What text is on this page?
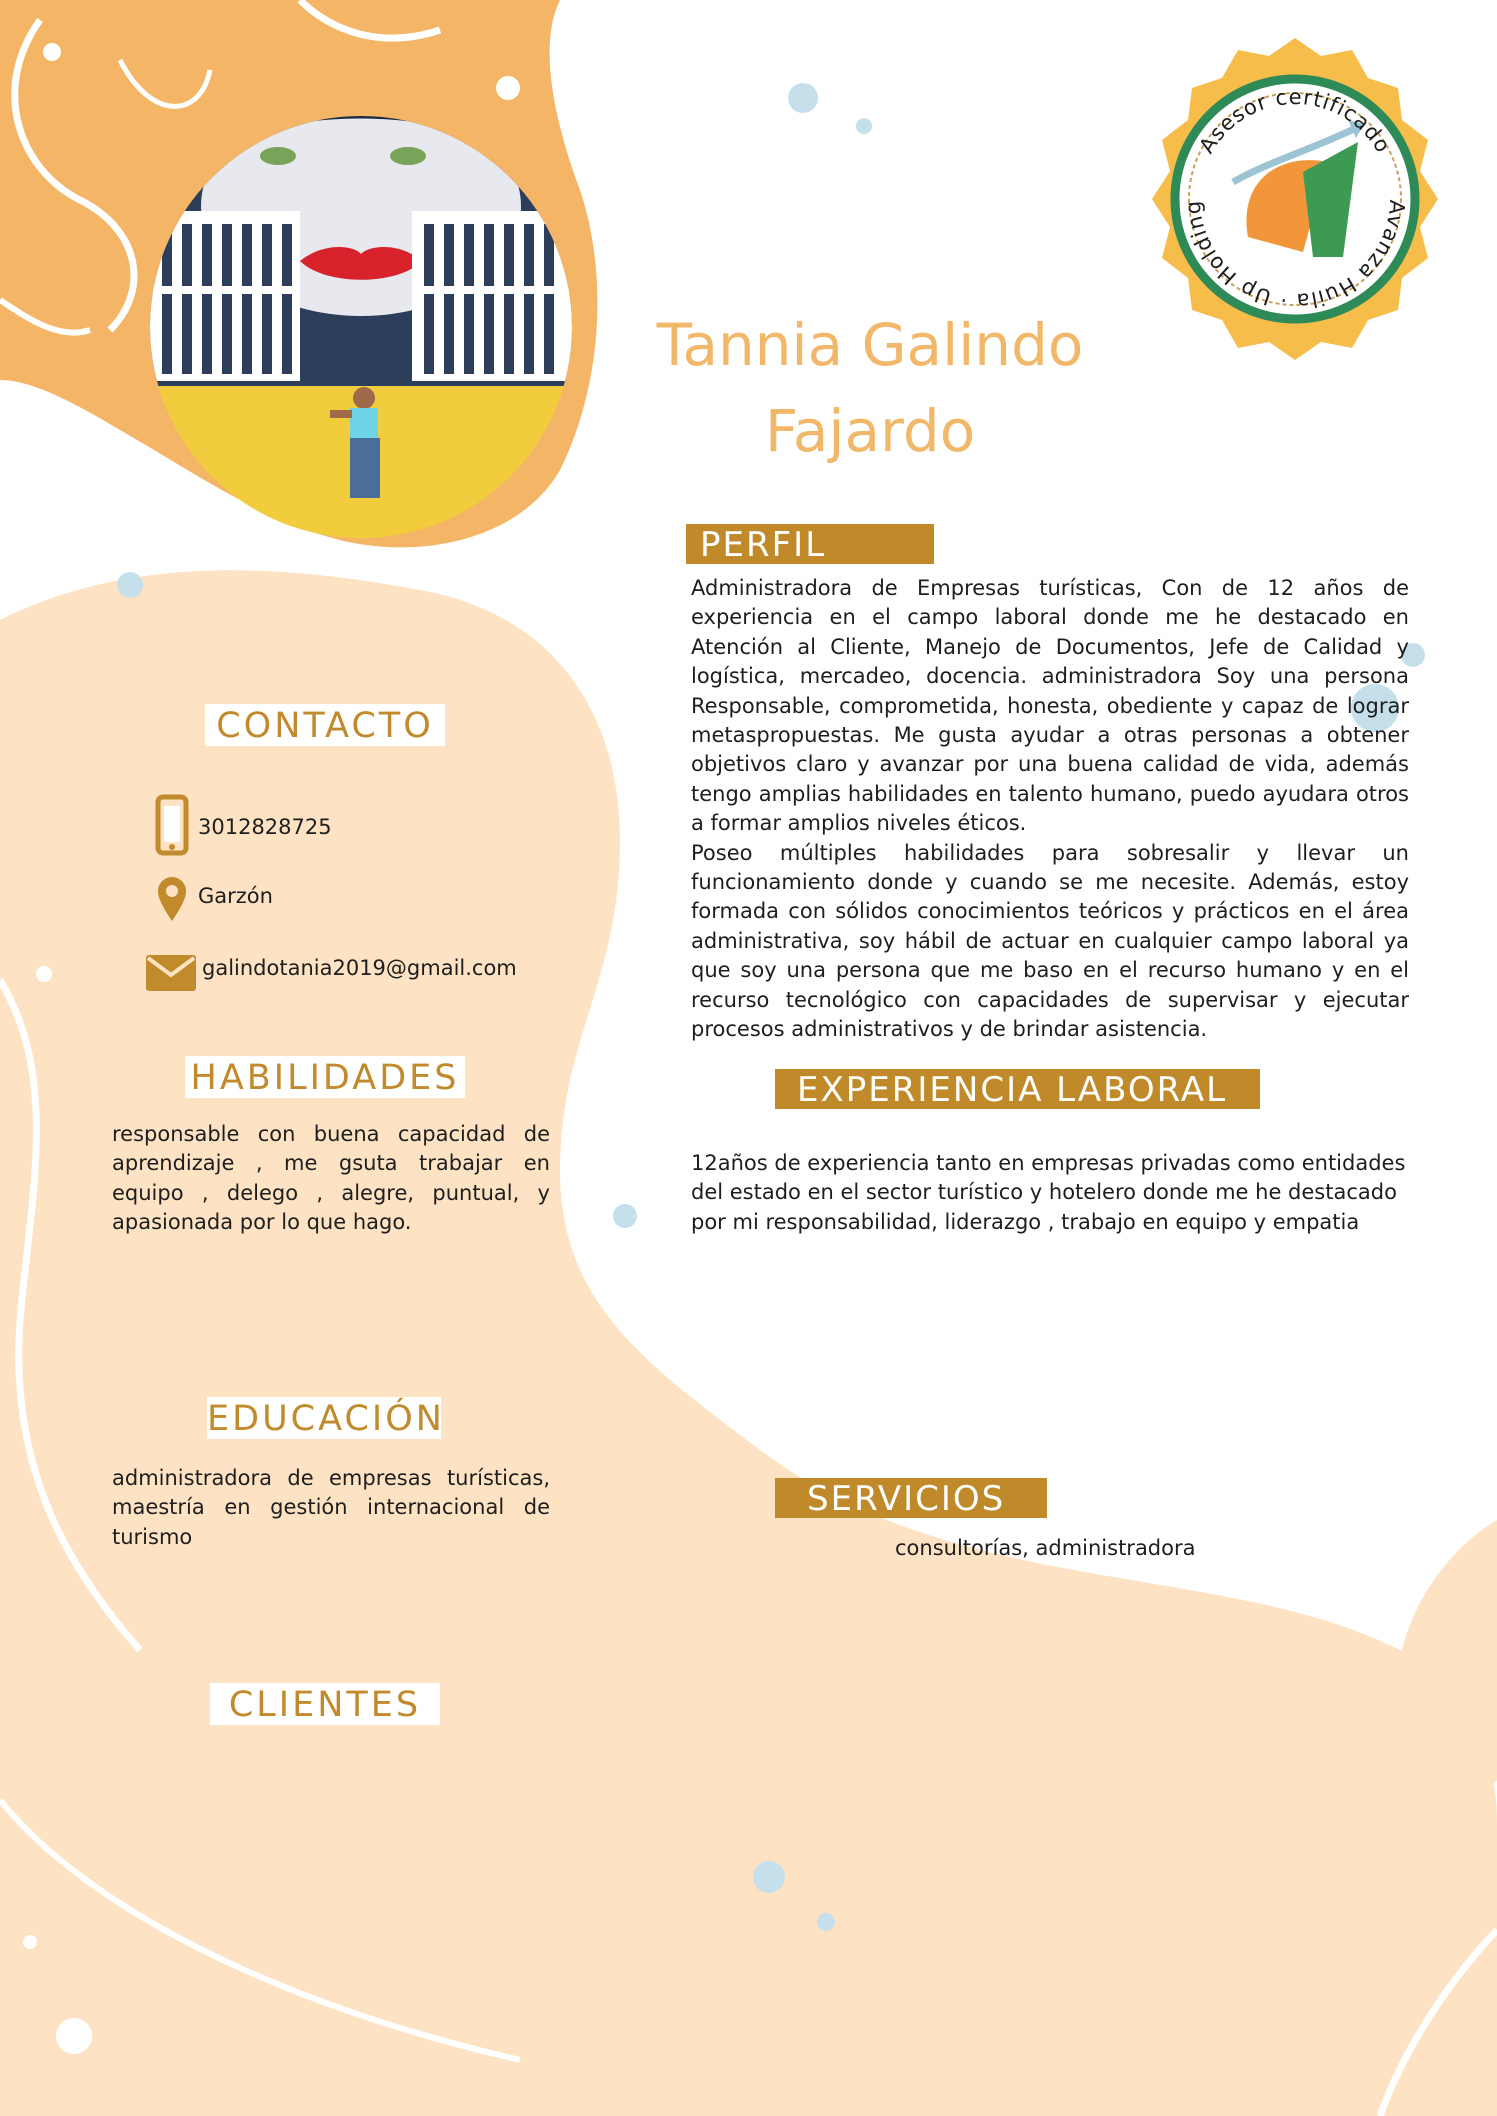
Asesor certificado
Avanza Huila · Up Holding
Tannia Galindo
Fajardo
CONTACTO
3012828725
Garzón
galindotania2019@gmail.com
HABILIDADES
responsable con buena capacidad de aprendizaje , me gsuta trabajar en equipo , delego , alegre, puntual, y apasionada por lo que hago.
EDUCACIÓN
administradora de empresas turísticas, maestría en gestión internacional de turismo
CLIENTES
PERFIL

Administradora de Empresas turísticas, Con de 12 años de experiencia en el campo laboral donde me he destacado en Atención al Cliente, Manejo de Documentos, Jefe de Calidad y logística, mercadeo, docencia. administradora Soy una persona Responsable, comprometida, honesta, obediente y capaz de lograr metaspropuestas. Me gusta ayudar a otras personas a obtener objetivos claro y avanzar por una buena calidad de vida, además tengo amplias habilidades en talento humano, puedo ayudara otros a formar amplios niveles éticos.

Poseo múltiples habilidades para sobresalir y llevar un funcionamiento donde y cuando se me necesite. Además, estoy formada con sólidos conocimientos teóricos y prácticos en el área administrativa, soy hábil de actuar en cualquier campo laboral ya que soy una persona que me baso en el recurso humano y en el recurso tecnológico con capacidades de supervisar y ejecutar procesos administrativos y de brindar asistencia.

EXPERIENCIA LABORAL
12años de experiencia tanto en empresas privadas como entidades del estado en el sector turístico y hotelero donde me he destacado por mi responsabilidad, liderazgo , trabajo en equipo y empatia
SERVICIOS
consultorías, administradora
